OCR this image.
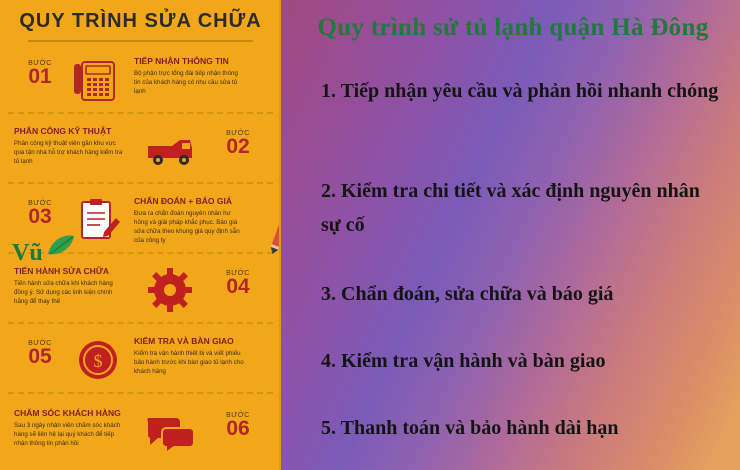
QUY TRÌNH SỬA CHỮA
BƯỚC
01
TIẾP NHẬN THÔNG TIN
Bộ phận trực tổng đài tiếp nhận thông tin của khách hàng có nhu cầu sửa tủ lạnh
PHÂN CÔNG KỸ THUẬT
Phân công kỹ thuật viên gần khu vực qua tận nhà hỗ trợ khách hàng kiểm tra tủ lạnh
BƯỚC
02
BƯỚC
03
CHẨN ĐOÁN + BÁO GIÁ
Đưa ra chẩn đoán nguyên nhân hư hỏng và giải pháp khắc phục. Báo giá sửa chữa theo khung giá quy định sẵn của công ty
TIẾN HÀNH SỬA CHỮA
Tiến hành sửa chữa khi khách hàng đồng ý. Sử dụng các linh kiện chính hãng để thay thế
BƯỚC
04
BƯỚC
05	$
KIỂM TRA VÀ BÀN GIAO
Kiểm tra vận hành thiết bị và viết phiếu bảo hành trước khi bàn giao tủ lạnh cho khách hàng
CHĂM SÓC KHÁCH HÀNG
Sau 3 ngày nhân viên chăm sóc khách hàng sẽ liên hệ lại quý khách để tiếp nhận thông tin phản hồi
BƯỚC
06
Vũ
Quy trình sử tủ lạnh quận Hà Đông
1. Tiếp nhận yêu cầu và phản hồi nhanh chóng
2. Kiểm tra chi tiết và xác định nguyên nhân sự cố
3. Chẩn đoán, sửa chữa và báo giá
4. Kiểm tra vận hành và bàn giao
5. Thanh toán và bảo hành dài hạn
